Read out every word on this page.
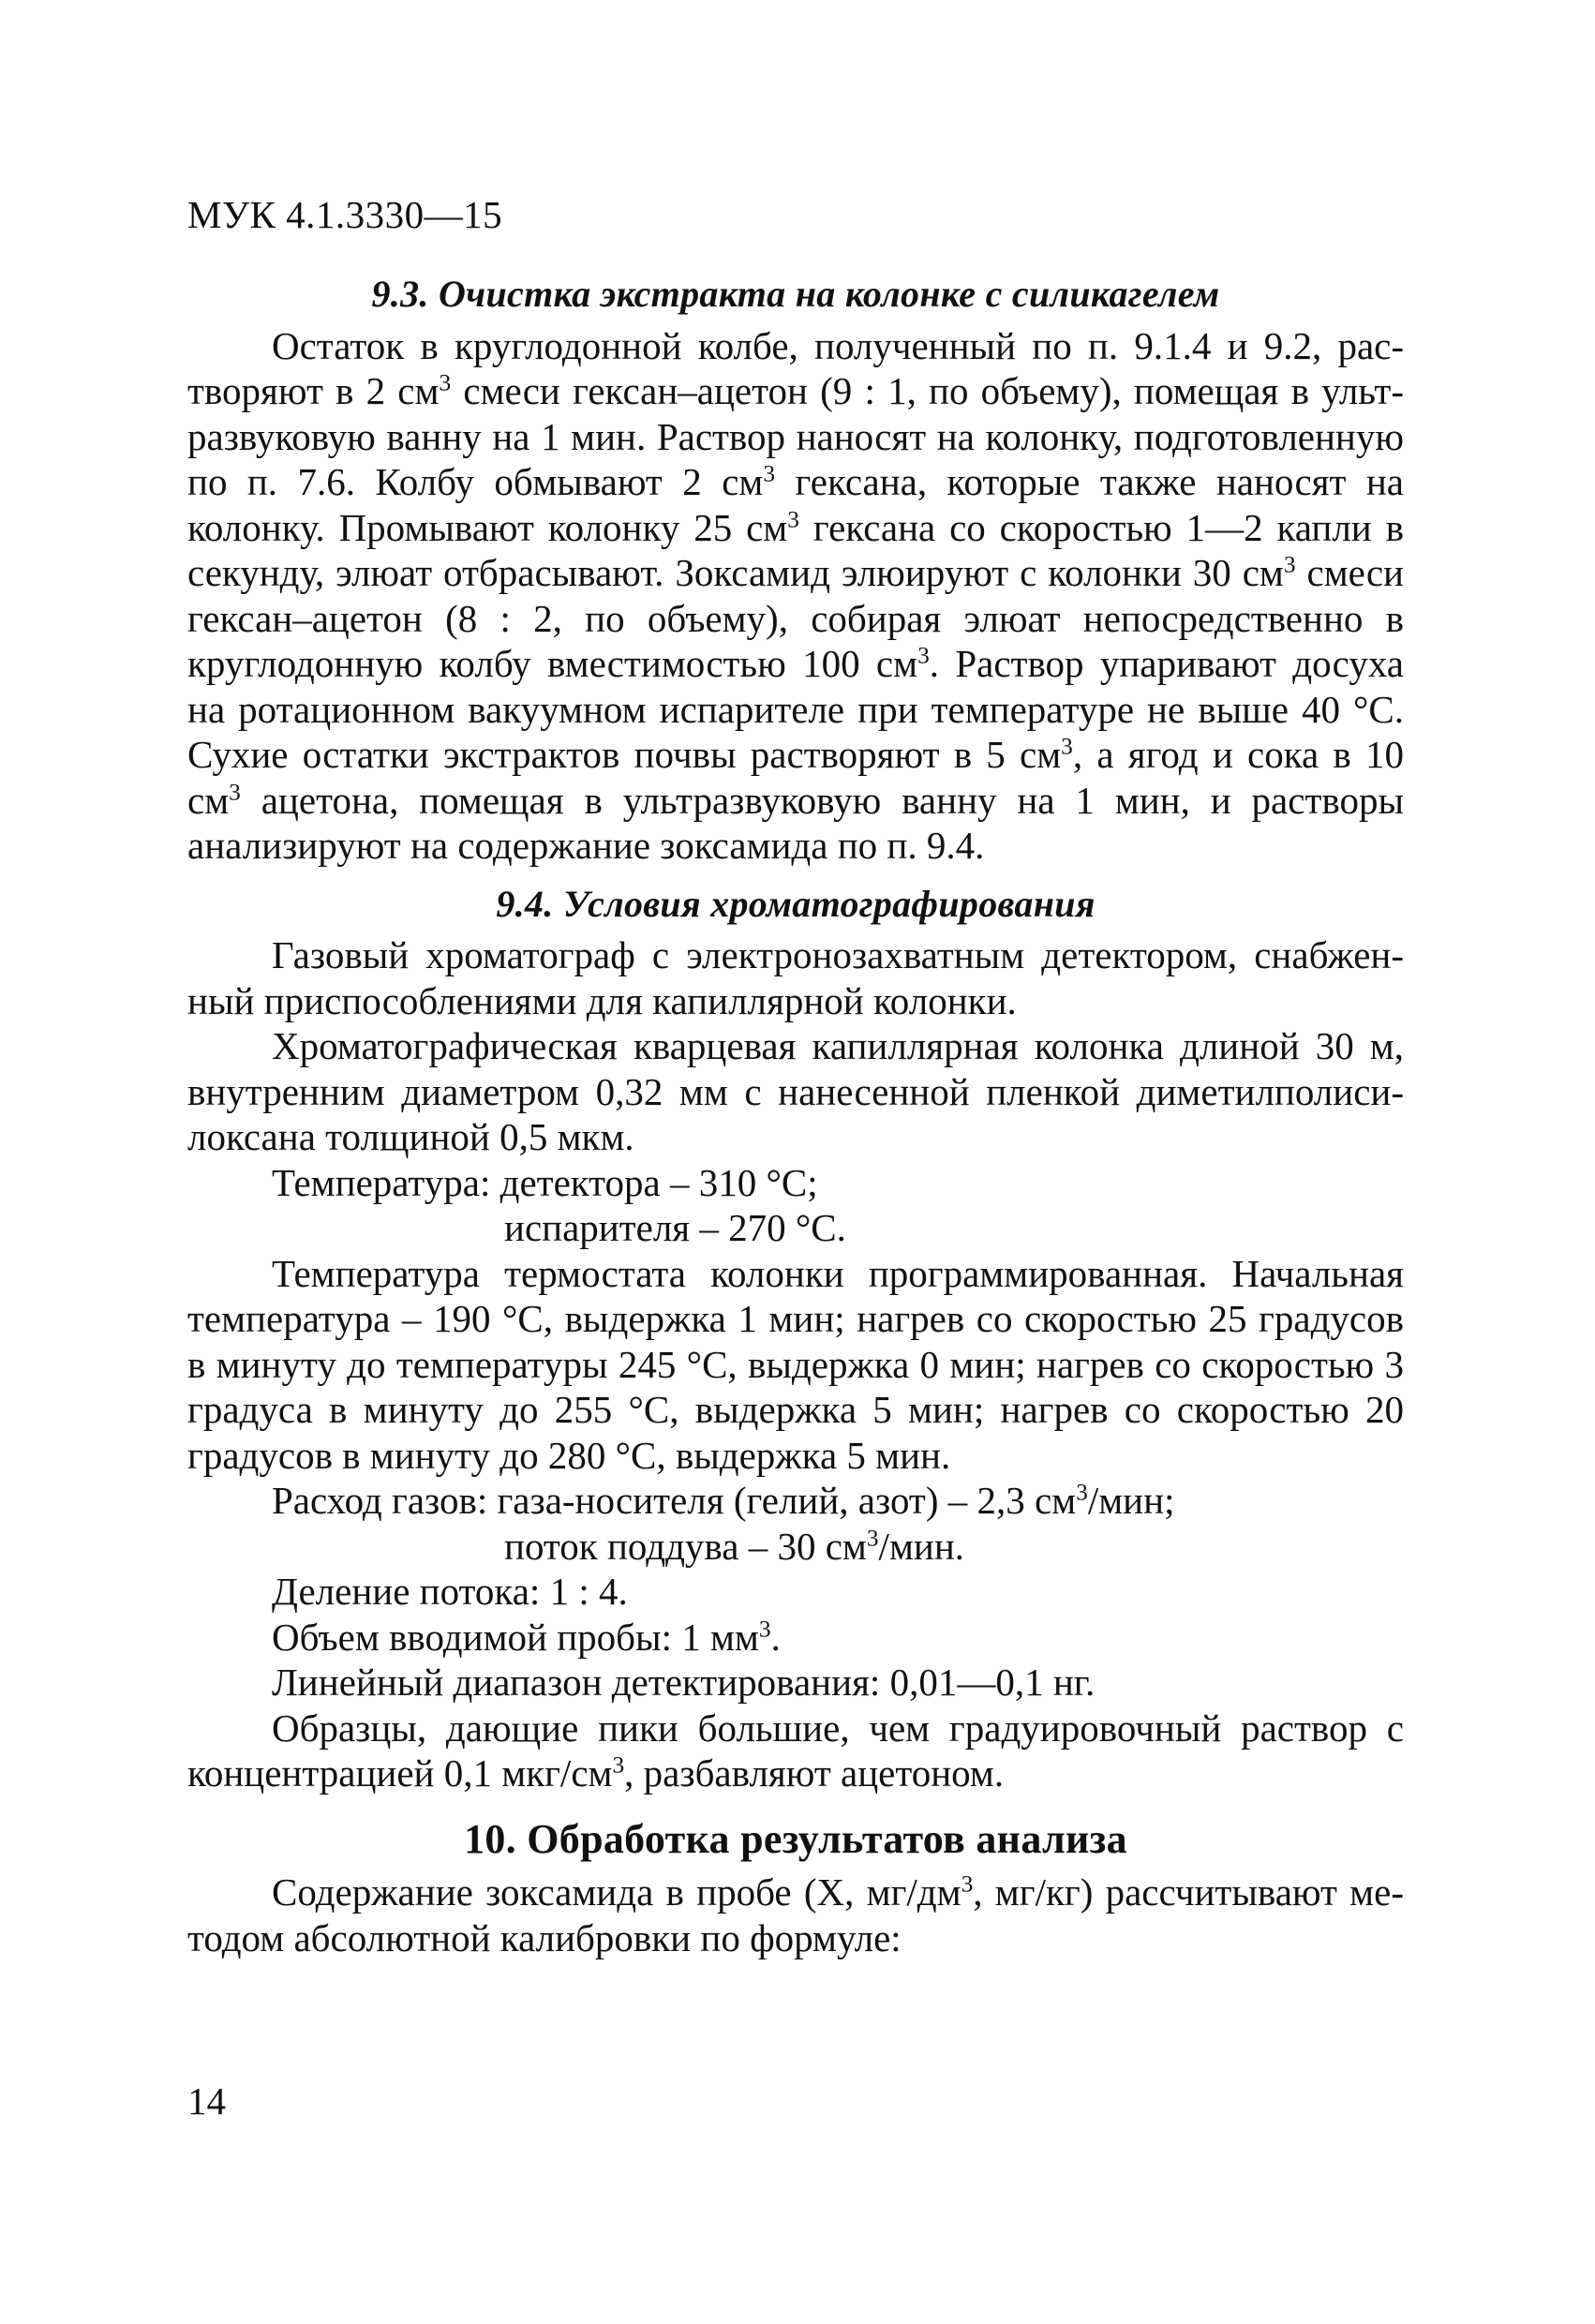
МУК 4.1.3330—15
9.3. Очистка экстракта на колонке с силикагелем

Остаток в круглодонной колбе, полученный по п. 9.1.4 и 9.2, растворяют в 2 $см^3$ смеси гексан–ацетон (9 : 1, по объему), помещая в ультразвуковую ванну на 1 мин. Раствор наносят на колонку, подготовленную по п. 7.6. Колбу обмывают 2 $см^3$ гексана, которые также наносят на колонку. Промывают колонку 25 $см^3$ гексана со скоростью 1—2 капли в секунду, элюат отбрасывают. Зоксамид элюируют с колонки 30 $см^3$ смеси гексан–ацетон (8 : 2, по объему), собирая элюат непосредственно в круглодонную колбу вместимостью 100 $см^3$. Раствор упаривают досуха на ротационном вакуумном испарителе при температуре не выше 40 °С. Сухие остатки экстрактов почвы растворяют в 5 $см^3$, а ягод и сока в 10 $см^3$ ацетона, помещая в ультразвуковую ванну на 1 мин, и растворы анализируют на содержание зоксамида по п. 9.4.

9.4. Условия хроматографирования

Газовый хроматограф с электронозахватным детектором, снабженный приспособлениями для капиллярной колонки.

Хроматографическая кварцевая капиллярная колонка длиной 30 м, внутренним диаметром 0,32 мм с нанесенной пленкой диметилполисилоксана толщиной 0,5 мкм.

Температура: детектора – 310 °С;
испарителя – 270 °С.

Температура термостата колонки программированная. Начальная температура – 190 °С, выдержка 1 мин; нагрев со скоростью 25 градусов в минуту до температуры 245 °С, выдержка 0 мин; нагрев со скоростью 3 градуса в минуту до 255 °С, выдержка 5 мин; нагрев со скоростью 20 градусов в минуту до 280 °С, выдержка 5 мин.

Расход газов: газа-носителя (гелий, азот) – 2,3 $см^3$/мин;
поток поддува – 30 $см^3$/мин.
Деление потока: 1 : 4.
Объем вводимой пробы: 1 $мм^3$.
Линейный диапазон детектирования: 0,01—0,1 нг.

Образцы, дающие пики большие, чем градуировочный раствор с концентрацией 0,1 мкг/$см^3$, разбавляют ацетоном.

10. Обработка результатов анализа

Содержание зоксамида в пробе (X, $мг/дм^3$, мг/кг) рассчитывают методом абсолютной калибровки по формуле:

14
